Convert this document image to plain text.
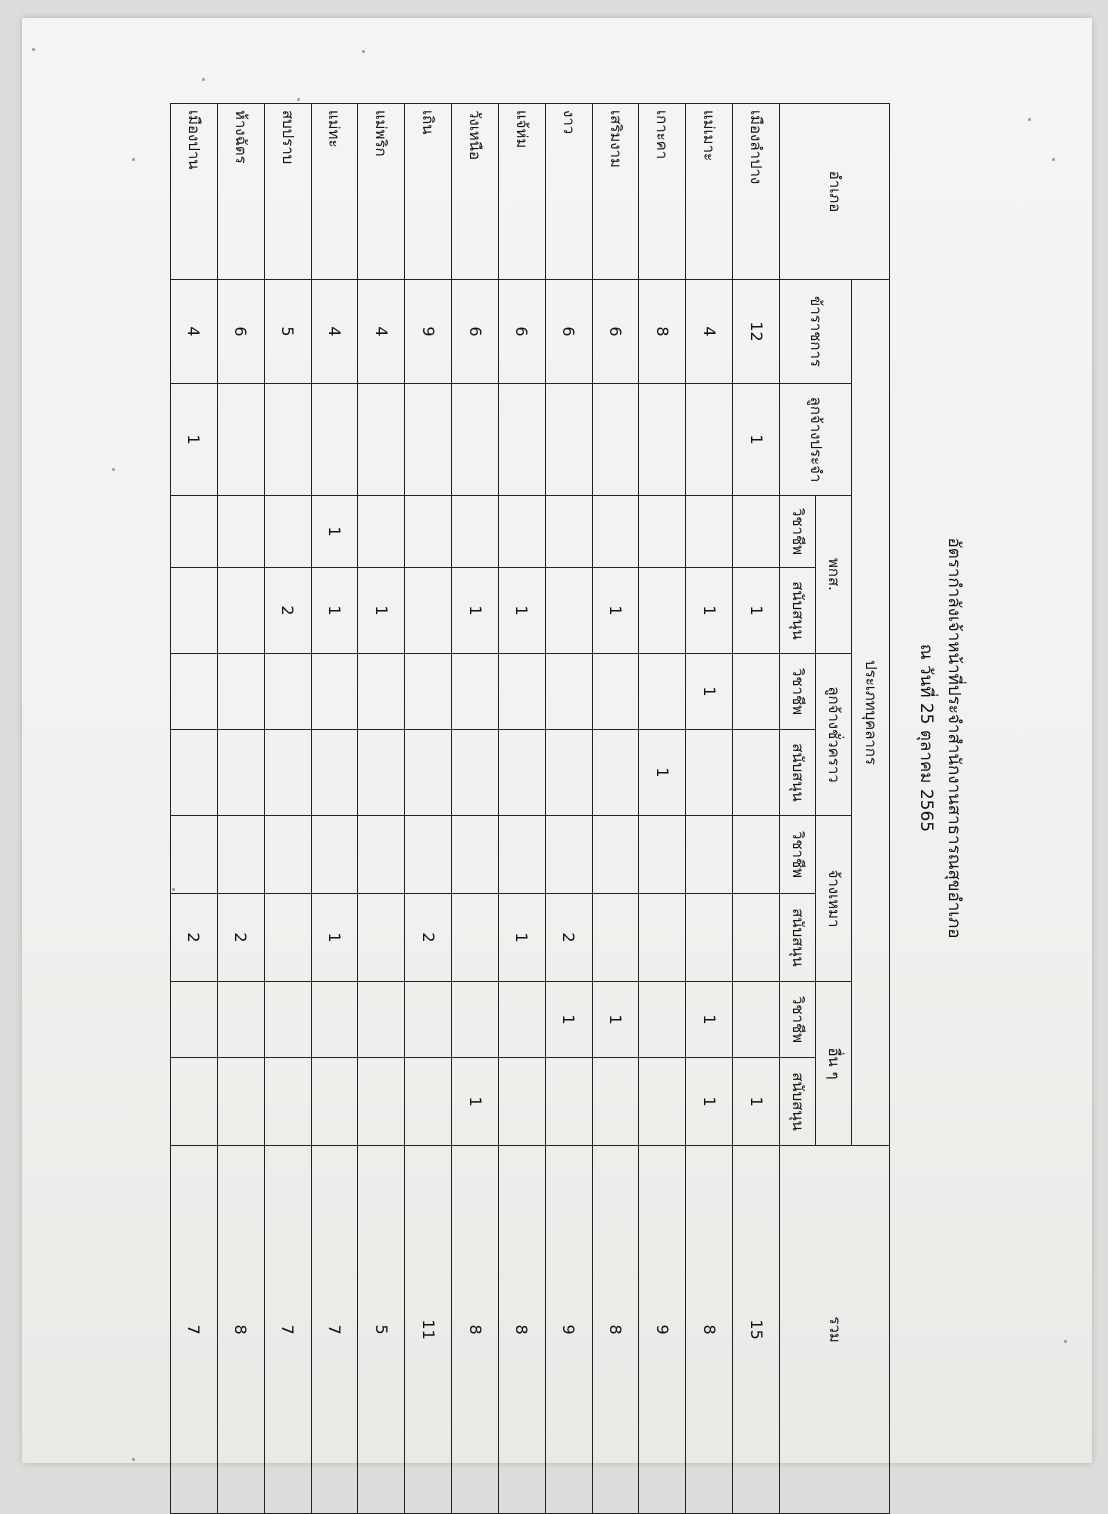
อัตรากำลังเจ้าหน้าที่ประจำสำนักงานสาธารณสุขอำเภอ
ณ วันที่ 25 ตุลาคม 2565
อำเภอ	ประเภทบุคลากร										รวม
	ข้าราชการ	ลูกจ้างประจำ	พกส.		ลูกจ้างชั่วคราว		จ้างเหมา		อื่น ๆ		
			วิชาชีพ	สนับสนุน	วิชาชีพ	สนับสนุน	วิชาชีพ	สนับสนุน	วิชาชีพ	สนับสนุน	
เมืองลำปาง	12	1		1						1	15
แม่เมาะ	4			1	1				1	1	8
เกาะคา	8					1					9
เสริมงาม	6			1					1		8
งาว	6							2	1		9
แจ้ห่ม	6			1				1			8
วังเหนือ	6			1						1	8
เถิน	9							2			11
แม่พริก	4			1							5
แม่ทะ	4		1	1				1			7
สบปราบ	5			2							7
ห้างฉัตร	6							2			8
เมืองปาน	4	1						2			7
